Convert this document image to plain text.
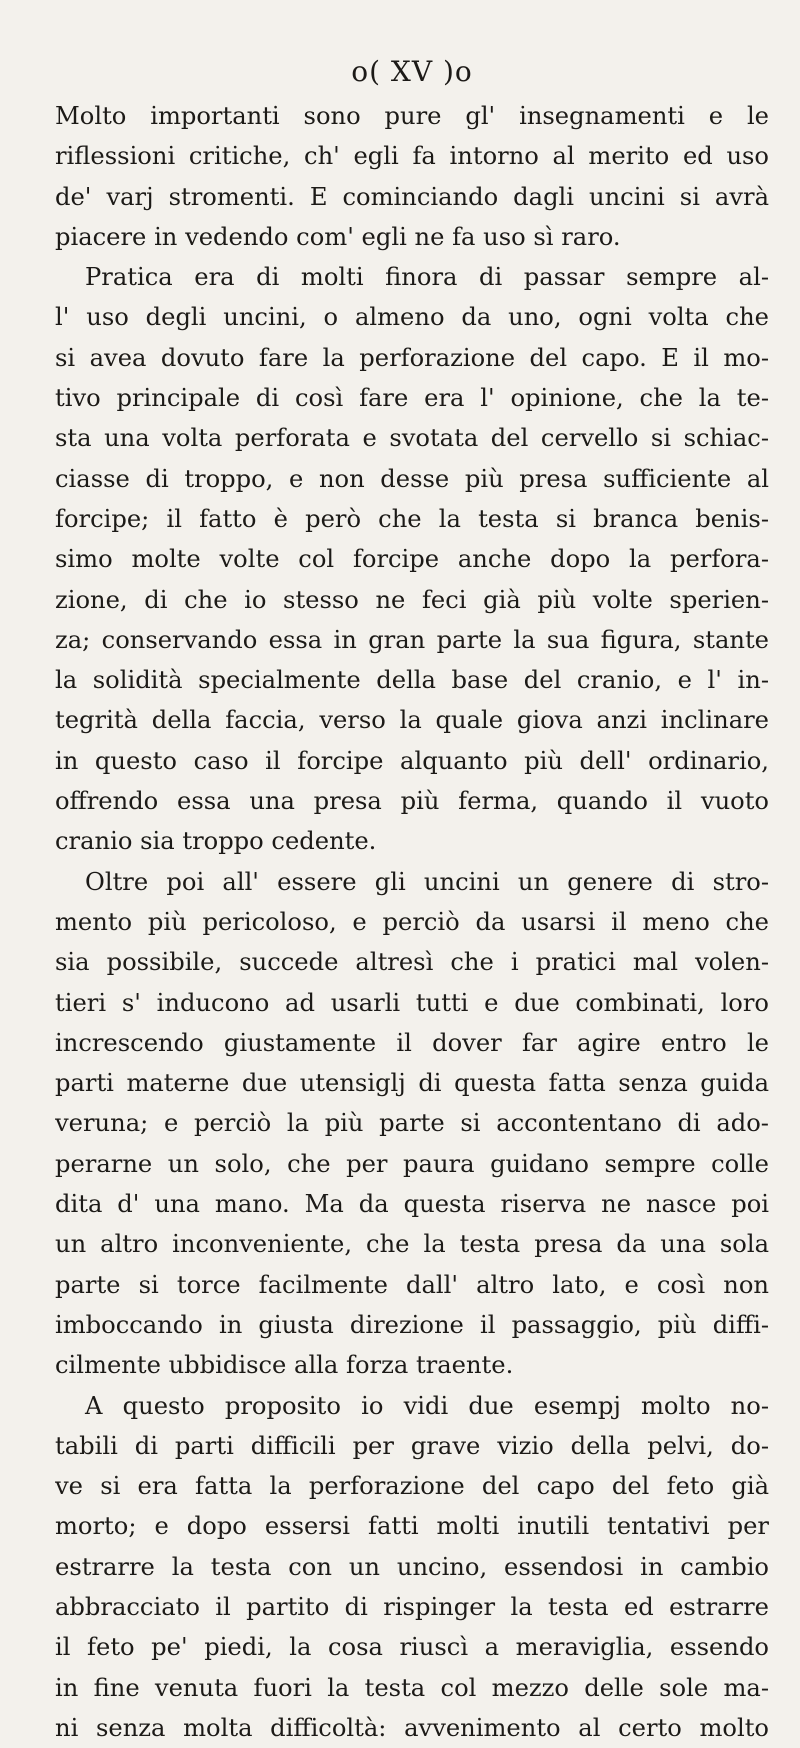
o( XV )o
Molto importanti sono pure gl' insegnamenti e le
riflessioni critiche, ch' egli fa intorno al merito ed uso
de' varj stromenti. E cominciando dagli uncini si avrà
piacere in vedendo com' egli ne fa uso sì raro.
Pratica era di molti finora di passar sempre al-
l' uso degli uncini, o almeno da uno, ogni volta che
si avea dovuto fare la perforazione del capo. E il mo-
tivo principale di così fare era l' opinione, che la te-
sta una volta perforata e svotata del cervello si schiac-
ciasse di troppo, e non desse più presa sufficiente al
forcipe; il fatto è però che la testa si branca benis-
simo molte volte col forcipe anche dopo la perfora-
zione, di che io stesso ne feci già più volte sperien-
za; conservando essa in gran parte la sua figura, stante
la solidità specialmente della base del cranio, e l' in-
tegrità della faccia, verso la quale giova anzi inclinare
in questo caso il forcipe alquanto più dell' ordinario,
offrendo essa una presa più ferma, quando il vuoto
cranio sia troppo cedente.
Oltre poi all' essere gli uncini un genere di stro-
mento più pericoloso, e perciò da usarsi il meno che
sia possibile, succede altresì che i pratici mal volen-
tieri s' inducono ad usarli tutti e due combinati, loro
increscendo giustamente il dover far agire entro le
parti materne due utensiglj di questa fatta senza guida
veruna; e perciò la più parte si accontentano di ado-
perarne un solo, che per paura guidano sempre colle
dita d' una mano. Ma da questa riserva ne nasce poi
un altro inconveniente, che la testa presa da una sola
parte si torce facilmente dall' altro lato, e così non
imboccando in giusta direzione il passaggio, più diffi-
cilmente ubbidisce alla forza traente.
A questo proposito io vidi due esempj molto no-
tabili di parti difficili per grave vizio della pelvi, do-
ve si era fatta la perforazione del capo del feto già
morto; e dopo essersi fatti molti inutili tentativi per
estrarre la testa con un uncino, essendosi in cambio
abbracciato il partito di rispinger la testa ed estrarre
il feto pe' piedi, la cosa riuscì a meraviglia, essendo
in fine venuta fuori la testa col mezzo delle sole ma-
ni senza molta difficoltà: avvenimento al certo molto
